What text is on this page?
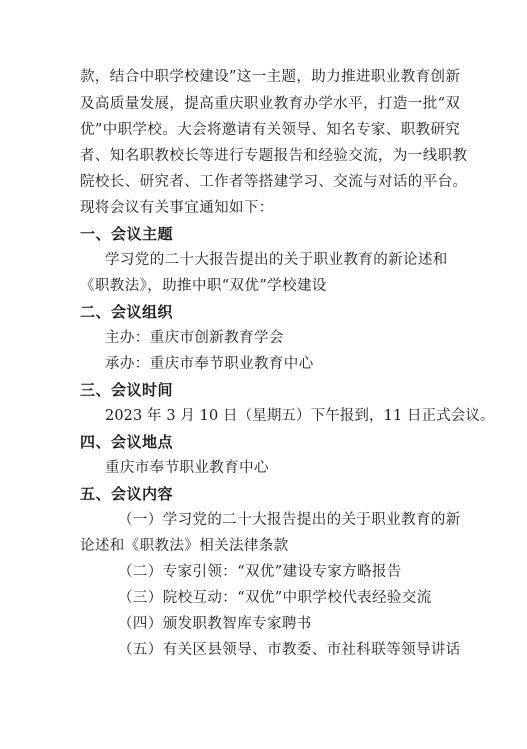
款，结合中职学校建设”这一主题，助力推进职业教育创新
及高质量发展，提高重庆职业教育办学水平，打造一批“双
优”中职学校。大会将邀请有关领导、知名专家、职教研究
者、知名职教校长等进行专题报告和经验交流，为一线职教
院校长、研究者、工作者等搭建学习、交流与对话的平台。
现将会议有关事宜通知如下：
一、会议主题
学习党的二十大报告提出的关于职业教育的新论述和
《职教法》，助推中职“双优”学校建设
二、会议组织
主办：重庆市创新教育学会
承办：重庆市奉节职业教育中心
三、会议时间
2023 年 3 月 10 日（星期五）下午报到，11 日正式会议。
四、会议地点
重庆市奉节职业教育中心
五、会议内容
（一）学习党的二十大报告提出的关于职业教育的新
论述和《职教法》相关法律条款
（二）专家引领：“双优”建设专家方略报告
（三）院校互动：“双优”中职学校代表经验交流
（四）颁发职教智库专家聘书
（五）有关区县领导、市教委、市社科联等领导讲话
